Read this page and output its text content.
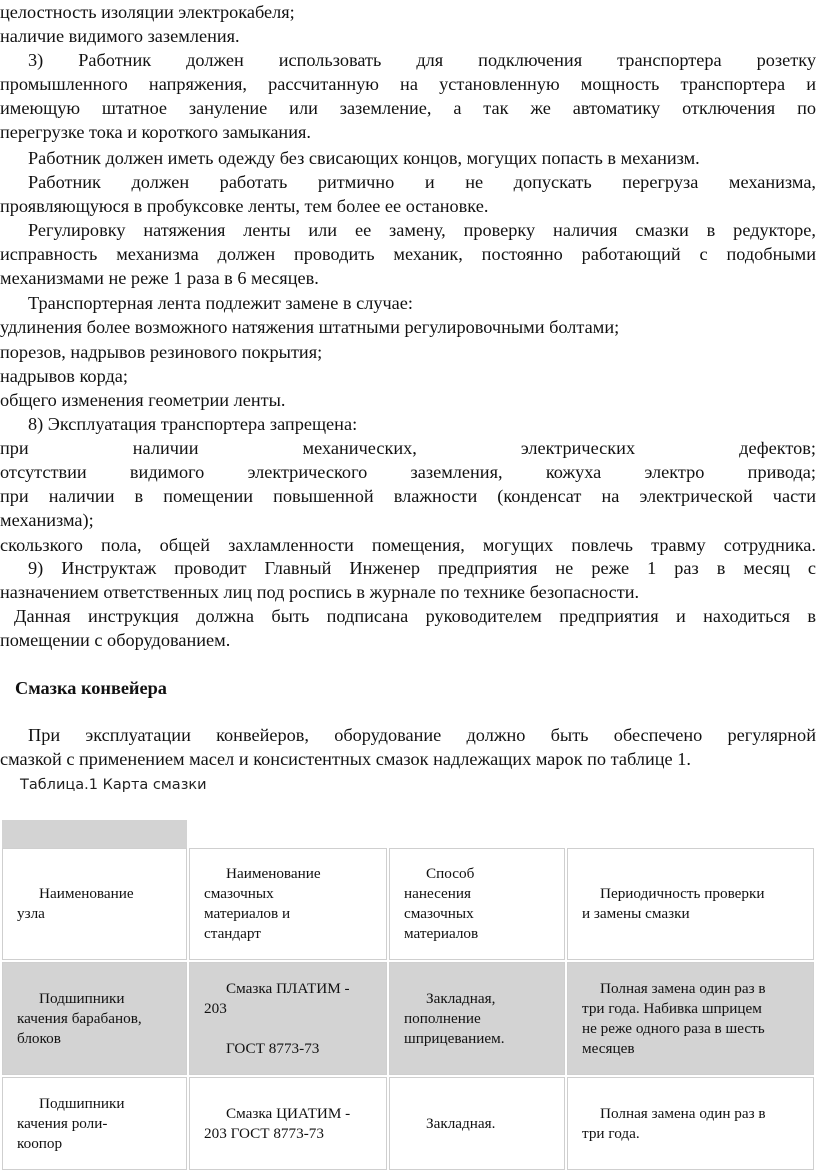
целостность изоляции электрокабеля;
наличие видимого заземления.
3) Работник должен использовать для подключения транспортера розетку
промышленного напряжения, рассчитанную на установленную мощность транспортера и
имеющую штатное зануление или заземление, а так же автоматику отключения по
перегрузке тока и короткого замыкания.
Работник должен иметь одежду без свисающих концов, могущих попасть в механизм.
Работник должен работать ритмично и не допускать перегруза механизма,
проявляющуюся в пробуксовке ленты, тем более ее остановке.
Регулировку натяжения ленты или ее замену, проверку наличия смазки в редукторе,
исправность механизма должен проводить механик, постоянно работающий с подобными
механизмами не реже 1 раза в 6 месяцев.
Транспортерная лента подлежит замене в случае:
удлинения более возможного натяжения штатными регулировочными болтами;
порезов, надрывов резинового покрытия;
надрывов корда;
общего изменения геометрии ленты.
8) Эксплуатация транспортера запрещена:
при наличии механических, электрических дефектов;
отсутствии видимого электрического заземления, кожуха электро привода;
при наличии в помещении повышенной влажности (конденсат на электрической части
механизма);
скользкого пола, общей захламленности помещения, могущих повлечь травму сотрудника.
9) Инструктаж проводит Главный Инженер предприятия не реже 1 раз в месяц с
назначением ответственных лиц под роспись в журнале по технике безопасности.
Данная инструкция должна быть подписана руководителем предприятия и находиться в
помещении с оборудованием.
Смазка конвейера
При эксплуатации конвейеров, оборудование должно быть обеспечено регулярной
смазкой с применением масел и консистентных смазок надлежащих марок по таблице 1.
Таблица.1 Карта смазки
Наименование
узла
Наименование
смазочных
материалов и
стандарт
Способ
нанесения
смазочных
материалов
Периодичность проверки
и замены смазки
Подшипники
качения барабанов,
блоков
Смазка ПЛАТИМ -
203
ГОСТ 8773-73
Закладная,
пополнение
шприцеванием.
Полная замена один раз в
три года. Набивка шприцем
не реже одного раза в шесть
месяцев
Подшипники
качения роли-
коопор
Смазка ЦИАТИМ -
203 ГОСТ 8773-73
Закладная.
Полная замена один раз в
три года.
